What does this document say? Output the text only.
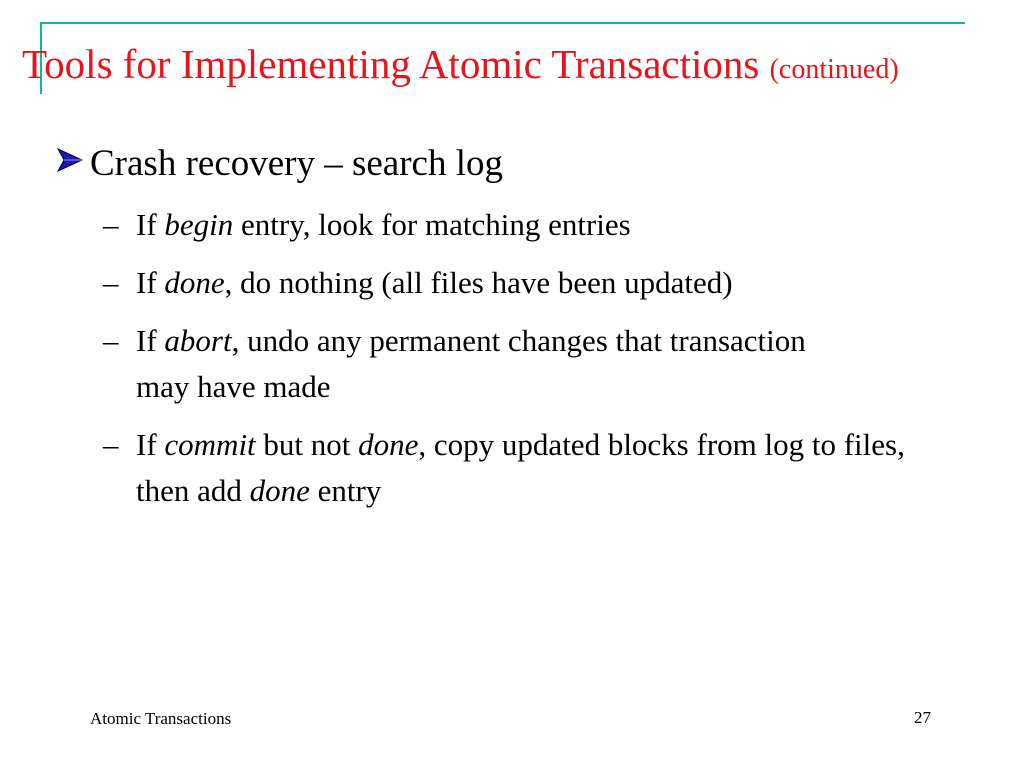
Tools for Implementing Atomic Transactions (continued)
Crash recovery – search log
– If begin entry, look for matching entries
– If done, do nothing (all files have been updated)
– If abort, undo any permanent changes that transaction may have made
– If commit but not done, copy updated blocks from log to files, then add done entry
Atomic Transactions	27
